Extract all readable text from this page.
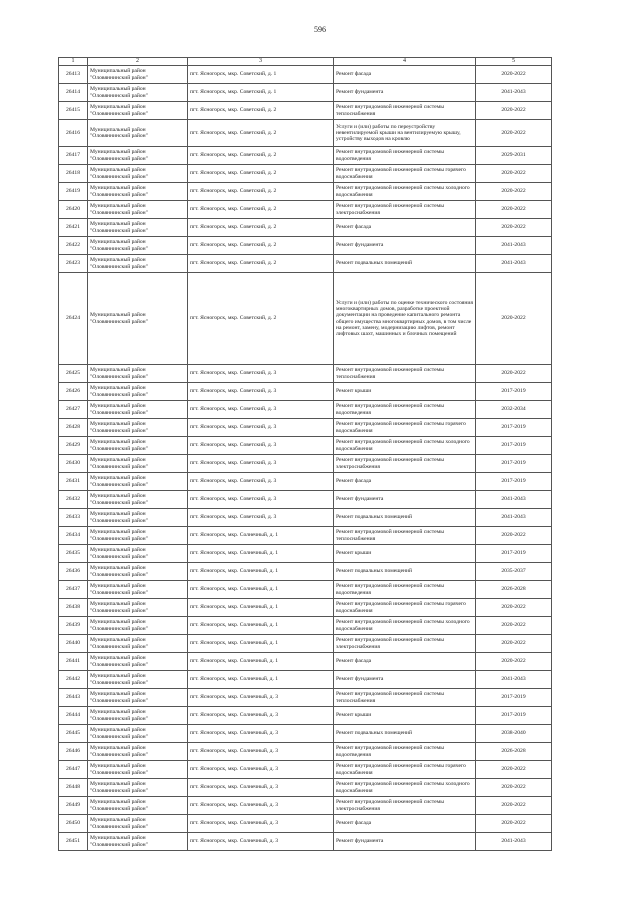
596
1	2	3	4	5
26413	Муниципальный район "Оловяннинский район"	пгт. Ясногорск, мкр. Советский, д. 1	Ремонт фасада	2020-2022
26414	Муниципальный район "Оловяннинский район"	пгт. Ясногорск, мкр. Советский, д. 1	Ремонт фундамента	2041-2043
26415	Муниципальный район "Оловяннинский район"	пгт. Ясногорск, мкр. Советский, д. 2	Ремонт внутридомовой инженерной системы теплоснабжения	2020-2022
26416	Муниципальный район "Оловяннинский район"	пгт. Ясногорск, мкр. Советский, д. 2	Услуги и (или) работы по переустройству невентилируемой крыши на вентилируемую крышу, устройству выходов на кровлю	2020-2022
26417	Муниципальный район "Оловяннинский район"	пгт. Ясногорск, мкр. Советский, д. 2	Ремонт внутридомовой инженерной системы водоотведения	2029-2031
26418	Муниципальный район "Оловяннинский район"	пгт. Ясногорск, мкр. Советский, д. 2	Ремонт внутридомовой инженерной системы горячего водоснабжения	2020-2022
26419	Муниципальный район "Оловяннинский район"	пгт. Ясногорск, мкр. Советский, д. 2	Ремонт внутридомовой инженерной системы холодного водоснабжения	2020-2022
26420	Муниципальный район "Оловяннинский район"	пгт. Ясногорск, мкр. Советский, д. 2	Ремонт внутридомовой инженерной системы электроснабжения	2020-2022
26421	Муниципальный район "Оловяннинский район"	пгт. Ясногорск, мкр. Советский, д. 2	Ремонт фасада	2020-2022
26422	Муниципальный район "Оловяннинский район"	пгт. Ясногорск, мкр. Советский, д. 2	Ремонт фундамента	2041-2043
26423	Муниципальный район "Оловяннинский район"	пгт. Ясногорск, мкр. Советский, д. 2	Ремонт подвальных помещений	2041-2043
26424	Муниципальный район "Оловяннинский район"	пгт. Ясногорск, мкр. Советский, д. 2	Услуги и (или) работы по оценке технического состояния многоквартирных домов, разработке проектной документации на проведение капитального ремонта общего имущества многоквартирных домов, в том числе на ремонт, замену, модернизацию лифтов, ремонт лифтовых шахт, машинных и блочных помещений	2020-2022
26425	Муниципальный район "Оловяннинский район"	пгт. Ясногорск, мкр. Советский, д. 3	Ремонт внутридомовой инженерной системы теплоснабжения	2020-2022
26426	Муниципальный район "Оловяннинский район"	пгт. Ясногорск, мкр. Советский, д. 3	Ремонт крыши	2017-2019
26427	Муниципальный район "Оловяннинский район"	пгт. Ясногорск, мкр. Советский, д. 3	Ремонт внутридомовой инженерной системы водоотведения	2032-2034
26428	Муниципальный район "Оловяннинский район"	пгт. Ясногорск, мкр. Советский, д. 3	Ремонт внутридомовой инженерной системы горячего водоснабжения	2017-2019
26429	Муниципальный район "Оловяннинский район"	пгт. Ясногорск, мкр. Советский, д. 3	Ремонт внутридомовой инженерной системы холодного водоснабжения	2017-2019
26430	Муниципальный район "Оловяннинский район"	пгт. Ясногорск, мкр. Советский, д. 3	Ремонт внутридомовой инженерной системы электроснабжения	2017-2019
26431	Муниципальный район "Оловяннинский район"	пгт. Ясногорск, мкр. Советский, д. 3	Ремонт фасада	2017-2019
26432	Муниципальный район "Оловяннинский район"	пгт. Ясногорск, мкр. Советский, д. 3	Ремонт фундамента	2041-2043
26433	Муниципальный район "Оловяннинский район"	пгт. Ясногорск, мкр. Советский, д. 3	Ремонт подвальных помещений	2041-2043
26434	Муниципальный район "Оловяннинский район"	пгт. Ясногорск, мкр. Солнечный, д. 1	Ремонт внутридомовой инженерной системы теплоснабжения	2020-2022
26435	Муниципальный район "Оловяннинский район"	пгт. Ясногорск, мкр. Солнечный, д. 1	Ремонт крыши	2017-2019
26436	Муниципальный район "Оловяннинский район"	пгт. Ясногорск, мкр. Солнечный, д. 1	Ремонт подвальных помещений	2035-2037
26437	Муниципальный район "Оловяннинский район"	пгт. Ясногорск, мкр. Солнечный, д. 1	Ремонт внутридомовой инженерной системы водоотведения	2026-2028
26438	Муниципальный район "Оловяннинский район"	пгт. Ясногорск, мкр. Солнечный, д. 1	Ремонт внутридомовой инженерной системы горячего водоснабжения	2020-2022
26439	Муниципальный район "Оловяннинский район"	пгт. Ясногорск, мкр. Солнечный, д. 1	Ремонт внутридомовой инженерной системы холодного водоснабжения	2020-2022
26440	Муниципальный район "Оловяннинский район"	пгт. Ясногорск, мкр. Солнечный, д. 1	Ремонт внутридомовой инженерной системы электроснабжения	2020-2022
26441	Муниципальный район "Оловяннинский район"	пгт. Ясногорск, мкр. Солнечный, д. 1	Ремонт фасада	2020-2022
26442	Муниципальный район "Оловяннинский район"	пгт. Ясногорск, мкр. Солнечный, д. 1	Ремонт фундамента	2041-2043
26443	Муниципальный район "Оловяннинский район"	пгт. Ясногорск, мкр. Солнечный, д. 3	Ремонт внутридомовой инженерной системы теплоснабжения	2017-2019
26444	Муниципальный район "Оловяннинский район"	пгт. Ясногорск, мкр. Солнечный, д. 3	Ремонт крыши	2017-2019
26445	Муниципальный район "Оловяннинский район"	пгт. Ясногорск, мкр. Солнечный, д. 3	Ремонт подвальных помещений	2038-2040
26446	Муниципальный район "Оловяннинский район"	пгт. Ясногорск, мкр. Солнечный, д. 3	Ремонт внутридомовой инженерной системы водоотведения	2026-2028
26447	Муниципальный район "Оловяннинский район"	пгт. Ясногорск, мкр. Солнечный, д. 3	Ремонт внутридомовой инженерной системы горячего водоснабжения	2020-2022
26448	Муниципальный район "Оловяннинский район"	пгт. Ясногорск, мкр. Солнечный, д. 3	Ремонт внутридомовой инженерной системы холодного водоснабжения	2020-2022
26449	Муниципальный район "Оловяннинский район"	пгт. Ясногорск, мкр. Солнечный, д. 3	Ремонт внутридомовой инженерной системы электроснабжения	2020-2022
26450	Муниципальный район "Оловяннинский район"	пгт. Ясногорск, мкр. Солнечный, д. 3	Ремонт фасада	2020-2022
26451	Муниципальный район "Оловяннинский район"	пгт. Ясногорск, мкр. Солнечный, д. 3	Ремонт фундамента	2041-2043
